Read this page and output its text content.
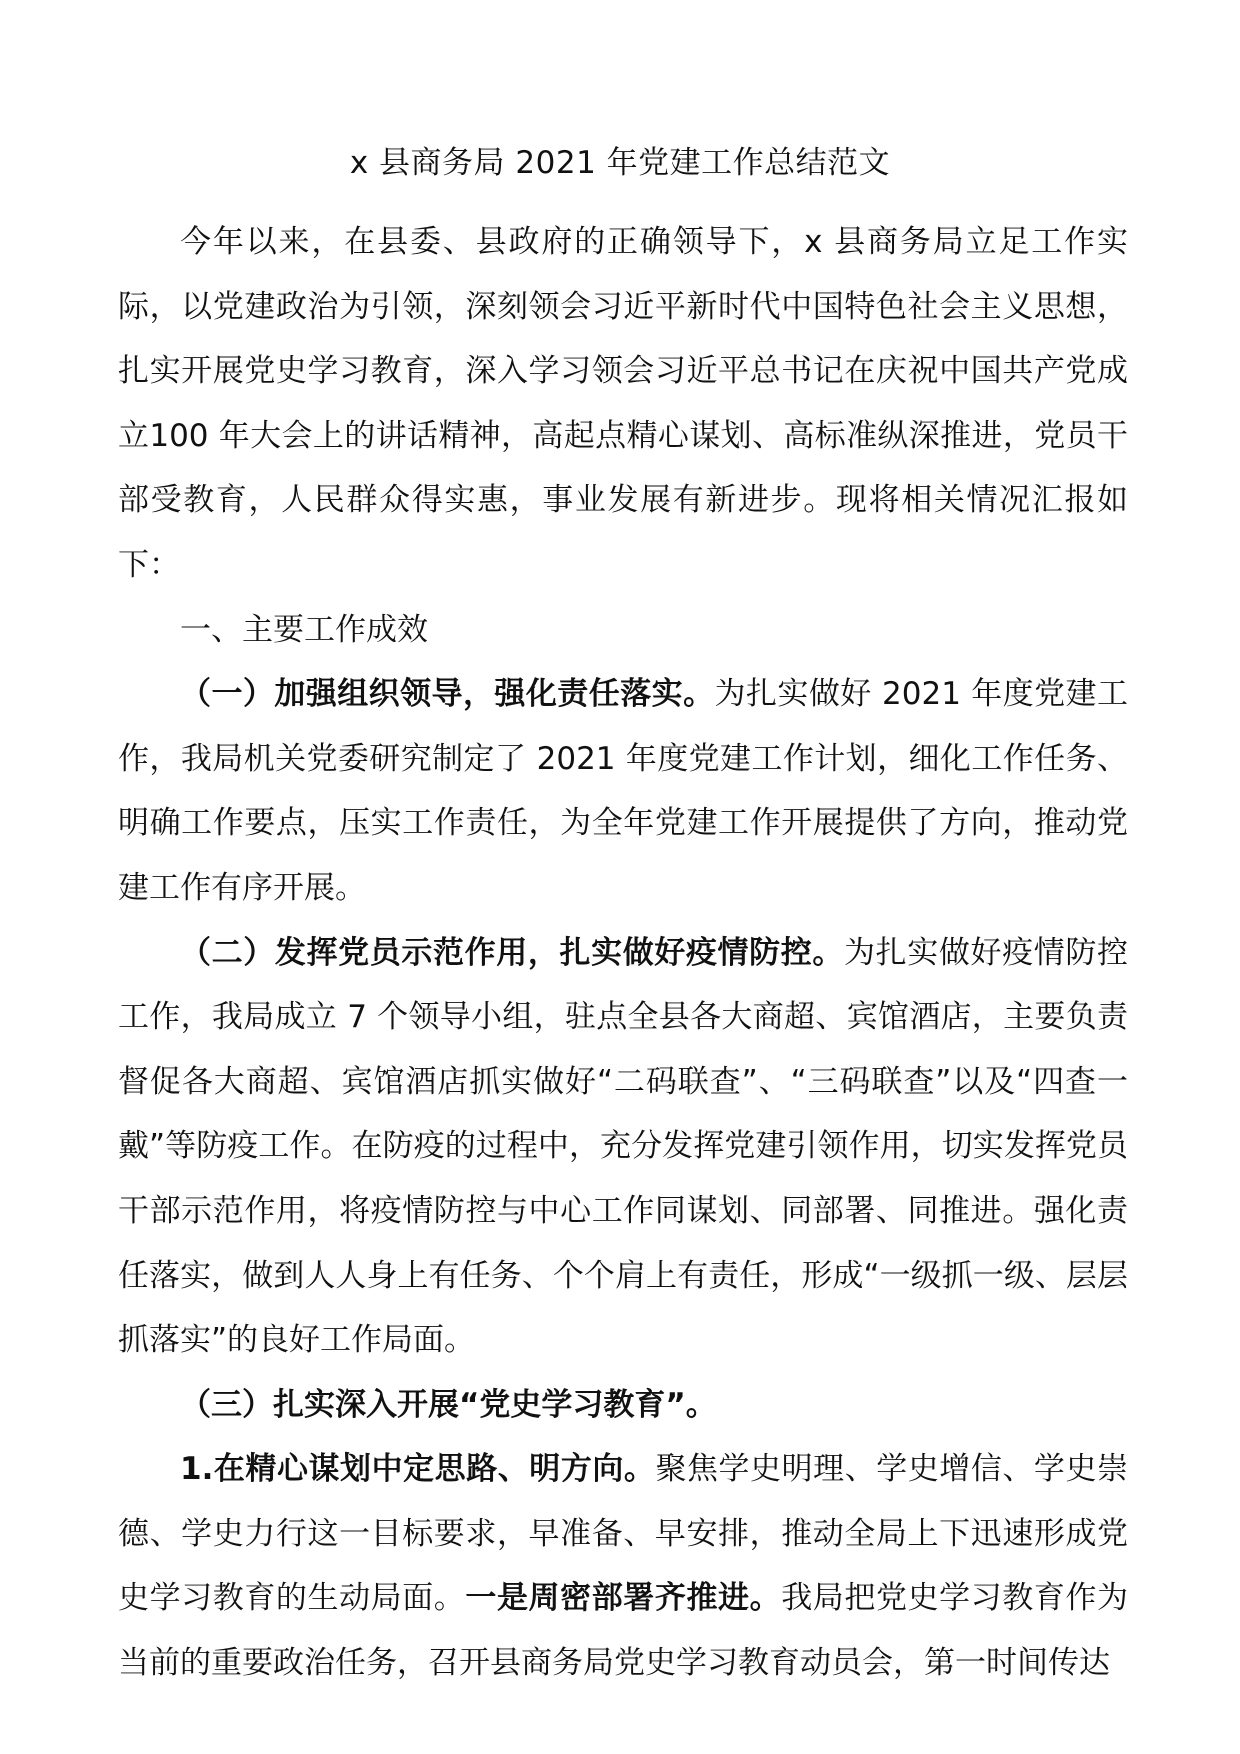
x 县商务局 2021 年党建工作总结范文

今年以来，在县委、县政府的正确领导下，x 县商务局立足工作实际，以党建政治为引领，深刻领会习近平新时代中国特色社会主义思想，扎实开展党史学习教育，深入学习领会习近平总书记在庆祝中国共产党成立100 年大会上的讲话精神，高起点精心谋划、高标准纵深推进，党员干部受教育，人民群众得实惠，事业发展有新进步。现将相关情况汇报如下：

一、主要工作成效

（一）加强组织领导，强化责任落实。为扎实做好 2021 年度党建工作，我局机关党委研究制定了 2021 年度党建工作计划，细化工作任务、明确工作要点，压实工作责任，为全年党建工作开展提供了方向，推动党建工作有序开展。

（二）发挥党员示范作用，扎实做好疫情防控。为扎实做好疫情防控工作，我局成立 7 个领导小组，驻点全县各大商超、宾馆酒店，主要负责督促各大商超、宾馆酒店抓实做好“二码联查”、“三码联查”以及“四查一戴”等防疫工作。在防疫的过程中，充分发挥党建引领作用，切实发挥党员干部示范作用，将疫情防控与中心工作同谋划、同部署、同推进。强化责任落实，做到人人身上有任务、个个肩上有责任，形成“一级抓一级、层层抓落实”的良好工作局面。

（三）扎实深入开展“党史学习教育”。

1.在精心谋划中定思路、明方向。聚焦学史明理、学史增信、学史崇德、学史力行这一目标要求，早准备、早安排，推动全局上下迅速形成党史学习教育的生动局面。一是周密部署齐推进。我局把党史学习教育作为当前的重要政治任务，召开县商务局党史学习教育动员会，第一时间传达
